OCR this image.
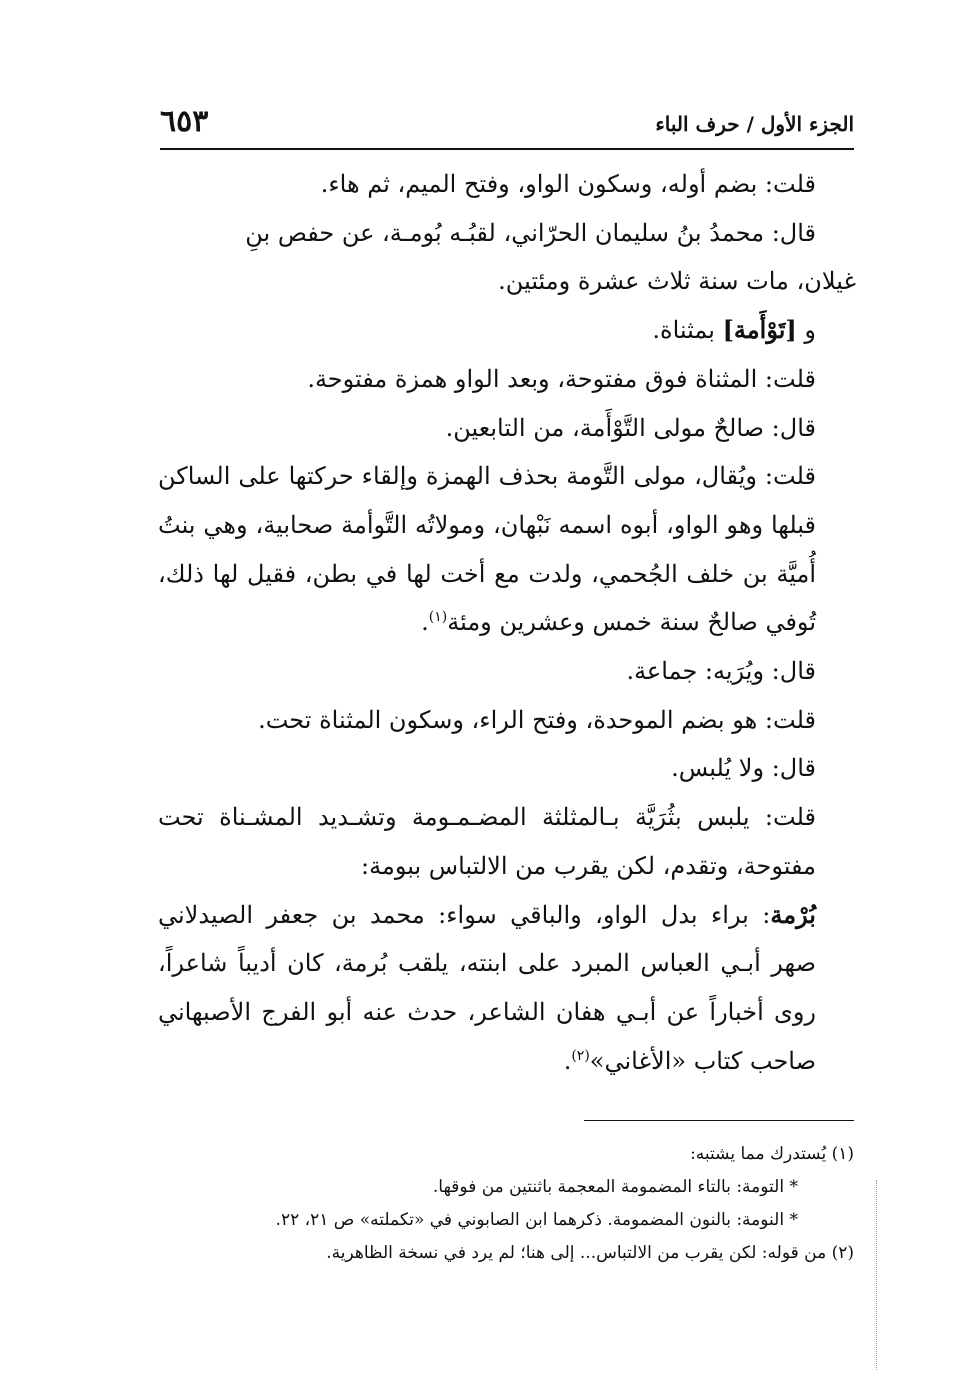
الجزء الأول / حرف الباء
٦٥٣

قلت: بضم أوله، وسكون الواو، وفتح الميم، ثم هاء.

قال: محمدُ بنُ سليمان الحرّاني، لقبُـه بُومـة، عن حفص بنِ

غيلان، مات سنة ثلاث عشرة ومئتين.

و [تَوْأَمة] بمثناة.

قلت: المثناة فوق مفتوحة، وبعد الواو همزة مفتوحة.

قال: صالحٌ مولى التَّوْأَمة، من التابعين.

قلت: ويُقال، مولى التَّومة بحذف الهمزة وإلقاء حركتها على الساكن قبلها وهو الواو، أبوه اسمه نَبْهان، ومولاتُه التَّوأمة صحابية، وهي بنتُ أُميَّة بن خلف الجُحمي، ولدت مع أخت لها في بطن، فقيل لها ذلك، تُوفي صالحٌ سنة خمس وعشرين ومئة$^{(١)}$.

قال: ويُرَيه: جماعة.

قلت: هو بضم الموحدة، وفتح الراء، وسكون المثناة تحت.

قال: ولا يُلبس.

قلت: يلبس بثُرَيَّة بـالمثلثة المضـمـومة وتشـديد المشـناة تحت مفتوحة، وتقدم، لكن يقرب من الالتباس ببومة:

بُرْمة: براء بدل الواو، والباقي سواء: محمد بن جعفر الصيدلاني صهر أبـي العباس المبرد على ابنته، يلقب بُرمة، كان أديباً شاعراً، روى أخباراً عن أبـي هفان الشاعر، حدث عنه أبو الفرج الأصبهاني صاحب كتاب «الأغاني»$^{(٢)}$.

(١) يُستدرك مما يشتبه:

* التومة: بالتاء المضمومة المعجمة باثنتين من فوقها.

* النومة: بالنون المضمومة. ذكرهما ابن الصابوني في «تكملته» ص ٢١، ٢٢.

(٢) من قوله: لكن يقرب من الالتباس... إلى هنا؛ لم يرد في نسخة الظاهرية.
